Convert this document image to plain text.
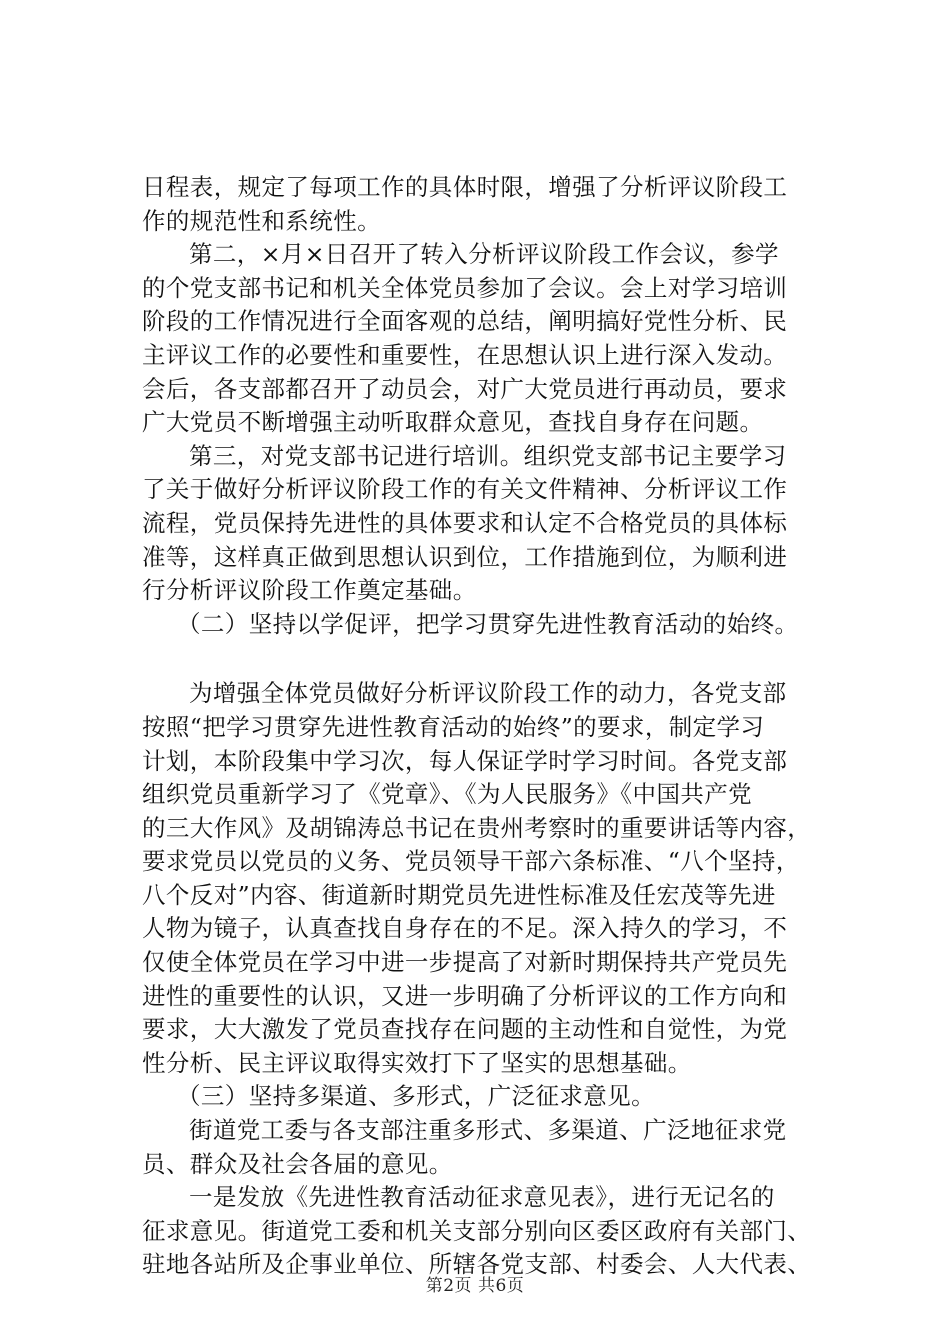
日程表，规定了每项工作的具体时限，增强了分析评议阶段工
作的规范性和系统性。
第二，×月×日召开了转入分析评议阶段工作会议，参学
的个党支部书记和机关全体党员参加了会议。会上对学习培训
阶段的工作情况进行全面客观的总结，阐明搞好党性分析、民
主评议工作的必要性和重要性，在思想认识上进行深入发动。
会后，各支部都召开了动员会，对广大党员进行再动员，要求
广大党员不断增强主动听取群众意见，查找自身存在问题。
第三，对党支部书记进行培训。组织党支部书记主要学习
了关于做好分析评议阶段工作的有关文件精神、分析评议工作
流程，党员保持先进性的具体要求和认定不合格党员的具体标
准等，这样真正做到思想认识到位，工作措施到位，为顺利进
行分析评议阶段工作奠定基础。
（二）坚持以学促评，把学习贯穿先进性教育活动的始终。
为增强全体党员做好分析评议阶段工作的动力，各党支部
按照“把学习贯穿先进性教育活动的始终”的要求，制定学习
计划，本阶段集中学习次，每人保证学时学习时间。各党支部
组织党员重新学习了《党章》、《为人民服务》《中国共产党
的三大作风》及胡锦涛总书记在贵州考察时的重要讲话等内容，
要求党员以党员的义务、党员领导干部六条标准、“八个坚持，
八个反对”内容、街道新时期党员先进性标准及任宏茂等先进
人物为镜子，认真查找自身存在的不足。深入持久的学习，不
仅使全体党员在学习中进一步提高了对新时期保持共产党员先
进性的重要性的认识，又进一步明确了分析评议的工作方向和
要求，大大激发了党员查找存在问题的主动性和自觉性，为党
性分析、民主评议取得实效打下了坚实的思想基础。
（三）坚持多渠道、多形式，广泛征求意见。
街道党工委与各支部注重多形式、多渠道、广泛地征求党
员、群众及社会各届的意见。
一是发放《先进性教育活动征求意见表》，进行无记名的
征求意见。街道党工委和机关支部分别向区委区政府有关部门、
驻地各站所及企事业单位、所辖各党支部、村委会、人大代表、
第2页 共6页
